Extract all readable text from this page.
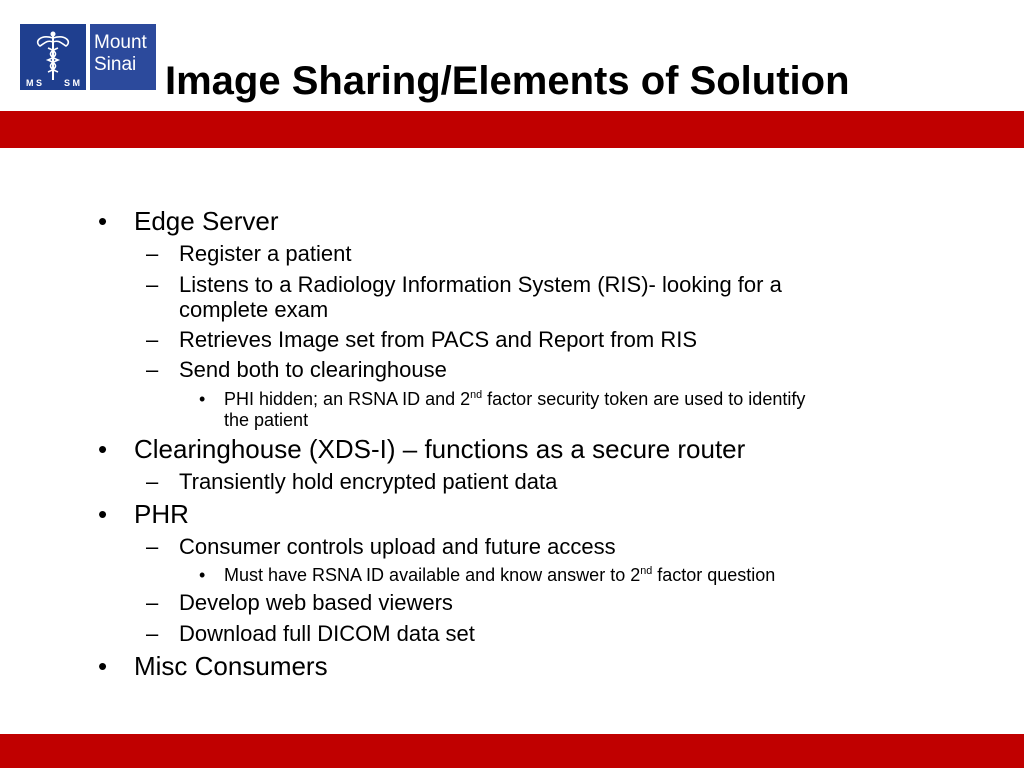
M S S M
Mount
Sinai Image Sharing/Elements of Solution
• Edge Server
– Register a patient
– Listens to a Radiology Information System (RIS)- looking for a
complete exam
– Retrieves Image set from PACS and Report from RIS
– Send both to clearinghouse
• PHI hidden; an RSNA ID and 2nd factor security token are used to identify
the patient
• Clearinghouse (XDS-I) – functions as a secure router
– Transiently hold encrypted patient data
• PHR
– Consumer controls upload and future access
• Must have RSNA ID available and know answer to 2nd factor question
– Develop web based viewers
– Download full DICOM data set
• Misc Consumers
